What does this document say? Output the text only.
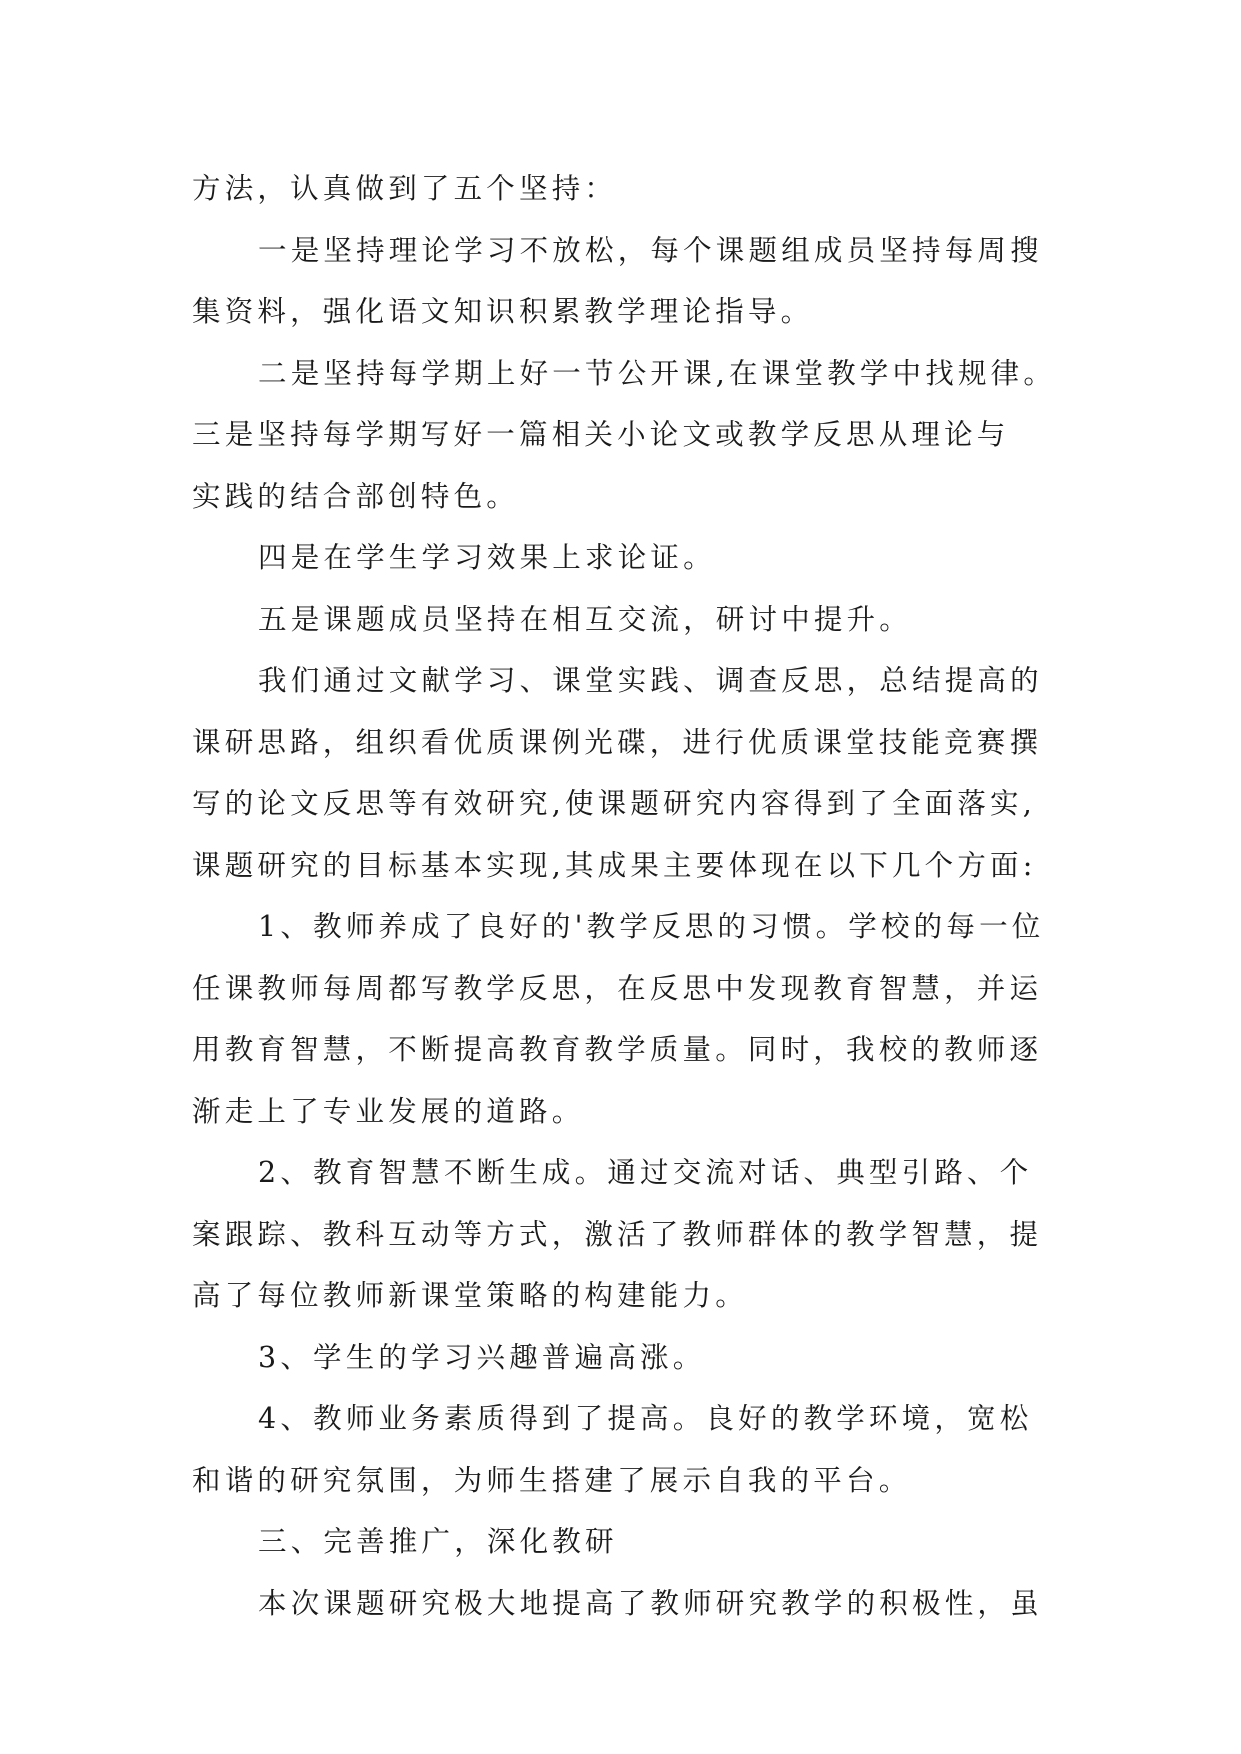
方法，认真做到了五个坚持：
一是坚持理论学习不放松，每个课题组成员坚持每周搜
集资料，强化语文知识积累教学理论指导。
二是坚持每学期上好一节公开课,在课堂教学中找规律。
三是坚持每学期写好一篇相关小论文或教学反思从理论与
实践的结合部创特色。
四是在学生学习效果上求论证。
五是课题成员坚持在相互交流，研讨中提升。
我们通过文献学习、课堂实践、调查反思，总结提高的
课研思路，组织看优质课例光碟，进行优质课堂技能竞赛撰
写的论文反思等有效研究,使课题研究内容得到了全面落实,
课题研究的目标基本实现,其成果主要体现在以下几个方面:
1、教师养成了良好的'教学反思的习惯。学校的每一位
任课教师每周都写教学反思，在反思中发现教育智慧，并运
用教育智慧，不断提高教育教学质量。同时，我校的教师逐
渐走上了专业发展的道路。
2、教育智慧不断生成。通过交流对话、典型引路、个
案跟踪、教科互动等方式，激活了教师群体的教学智慧，提
高了每位教师新课堂策略的构建能力。
3、学生的学习兴趣普遍高涨。
4、教师业务素质得到了提高。良好的教学环境，宽松
和谐的研究氛围，为师生搭建了展示自我的平台。
三、完善推广，深化教研
本次课题研究极大地提高了教师研究教学的积极性，虽
